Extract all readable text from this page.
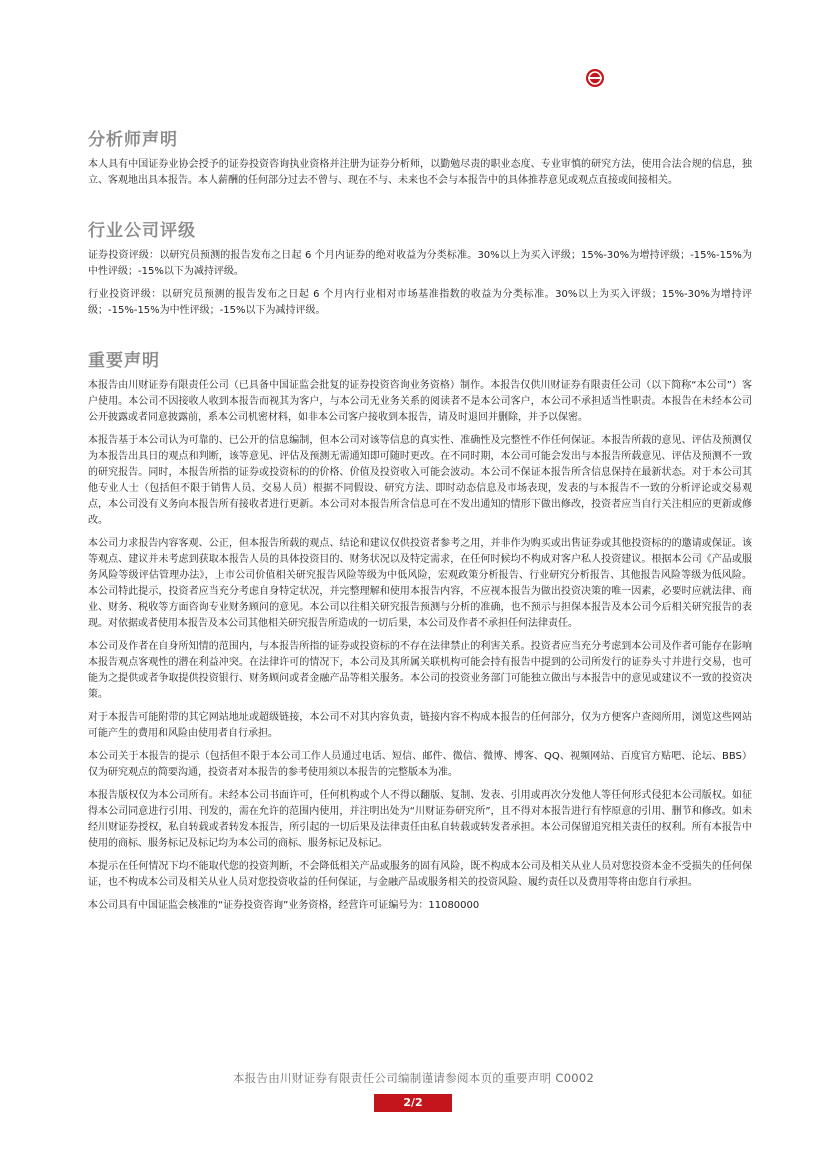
分析师声明

本人具有中国证券业协会授予的证券投资咨询执业资格并注册为证券分析师，以勤勉尽责的职业态度、专业审慎的研究方法，使用合法合规的信息，独立、客观地出具本报告。本人薪酬的任何部分过去不曾与、现在不与、未来也不会与本报告中的具体推荐意见或观点直接或间接相关。

行业公司评级

证券投资评级：以研究员预测的报告发布之日起 6 个月内证券的绝对收益为分类标准。30%以上为买入评级；15%-30%为增持评级；-15%-15%为中性评级；-15%以下为减持评级。

行业投资评级：以研究员预测的报告发布之日起 6 个月内行业相对市场基准指数的收益为分类标准。30%以上为买入评级；15%-30%为增持评级；-15%-15%为中性评级；-15%以下为减持评级。

重要声明

本报告由川财证券有限责任公司（已具备中国证监会批复的证券投资咨询业务资格）制作。本报告仅供川财证券有限责任公司（以下简称“本公司”）客户使用。本公司不因接收人收到本报告而视其为客户，与本公司无业务关系的阅读者不是本公司客户，本公司不承担适当性职责。本报告在未经本公司公开披露或者同意披露前，系本公司机密材料，如非本公司客户接收到本报告，请及时退回并删除，并予以保密。

本报告基于本公司认为可靠的、已公开的信息编制，但本公司对该等信息的真实性、准确性及完整性不作任何保证。本报告所载的意见、评估及预测仅为本报告出具日的观点和判断，该等意见、评估及预测无需通知即可随时更改。在不同时期，本公司可能会发出与本报告所载意见、评估及预测不一致的研究报告。同时，本报告所指的证券或投资标的的价格、价值及投资收入可能会波动。本公司不保证本报告所含信息保持在最新状态。对于本公司其他专业人士（包括但不限于销售人员、交易人员）根据不同假设、研究方法、即时动态信息及市场表现，发表的与本报告不一致的分析评论或交易观点，本公司没有义务向本报告所有接收者进行更新。本公司对本报告所含信息可在不发出通知的情形下做出修改，投资者应当自行关注相应的更新或修改。

本公司力求报告内容客观、公正，但本报告所载的观点、结论和建议仅供投资者参考之用，并非作为购买或出售证券或其他投资标的的邀请或保证。该等观点、建议并未考虑到获取本报告人员的具体投资目的、财务状况以及特定需求，在任何时候均不构成对客户私人投资建议。根据本公司《产品或服务风险等级评估管理办法》，上市公司价值相关研究报告风险等级为中低风险，宏观政策分析报告、行业研究分析报告、其他报告风险等级为低风险。本公司特此提示，投资者应当充分考虑自身特定状况，并完整理解和使用本报告内容，不应视本报告为做出投资决策的唯一因素，必要时应就法律、商业、财务、税收等方面咨询专业财务顾问的意见。本公司以往相关研究报告预测与分析的准确，也不预示与担保本报告及本公司今后相关研究报告的表现。对依据或者使用本报告及本公司其他相关研究报告所造成的一切后果，本公司及作者不承担任何法律责任。

本公司及作者在自身所知情的范围内，与本报告所指的证券或投资标的不存在法律禁止的利害关系。投资者应当充分考虑到本公司及作者可能存在影响本报告观点客观性的潜在利益冲突。在法律许可的情况下，本公司及其所属关联机构可能会持有报告中提到的公司所发行的证券头寸并进行交易，也可能为之提供或者争取提供投资银行、财务顾问或者金融产品等相关服务。本公司的投资业务部门可能独立做出与本报告中的意见或建议不一致的投资决策。

对于本报告可能附带的其它网站地址或超级链接，本公司不对其内容负责，链接内容不构成本报告的任何部分，仅为方便客户查阅所用，浏览这些网站可能产生的费用和风险由使用者自行承担。

本公司关于本报告的提示（包括但不限于本公司工作人员通过电话、短信、邮件、微信、微博、博客、QQ、视频网站、百度官方贴吧、论坛、BBS）仅为研究观点的简要沟通，投资者对本报告的参考使用须以本报告的完整版本为准。

本报告版权仅为本公司所有。未经本公司书面许可，任何机构或个人不得以翻版、复制、发表、引用或再次分发他人等任何形式侵犯本公司版权。如征得本公司同意进行引用、刊发的，需在允许的范围内使用，并注明出处为“川财证券研究所”，且不得对本报告进行有悖原意的引用、删节和修改。如未经川财证券授权，私自转载或者转发本报告，所引起的一切后果及法律责任由私自转载或转发者承担。本公司保留追究相关责任的权利。所有本报告中使用的商标、服务标记及标记均为本公司的商标、服务标记及标记。

本提示在任何情况下均不能取代您的投资判断，不会降低相关产品或服务的固有风险，既不构成本公司及相关从业人员对您投资本金不受损失的任何保证，也不构成本公司及相关从业人员对您投资收益的任何保证，与金融产品或服务相关的投资风险、履约责任以及费用等将由您自行承担。

本公司具有中国证监会核准的“证券投资咨询”业务资格，经营许可证编号为：11080000

本报告由川财证券有限责任公司编制谨请参阅本页的重要声明 C0002
2/2
